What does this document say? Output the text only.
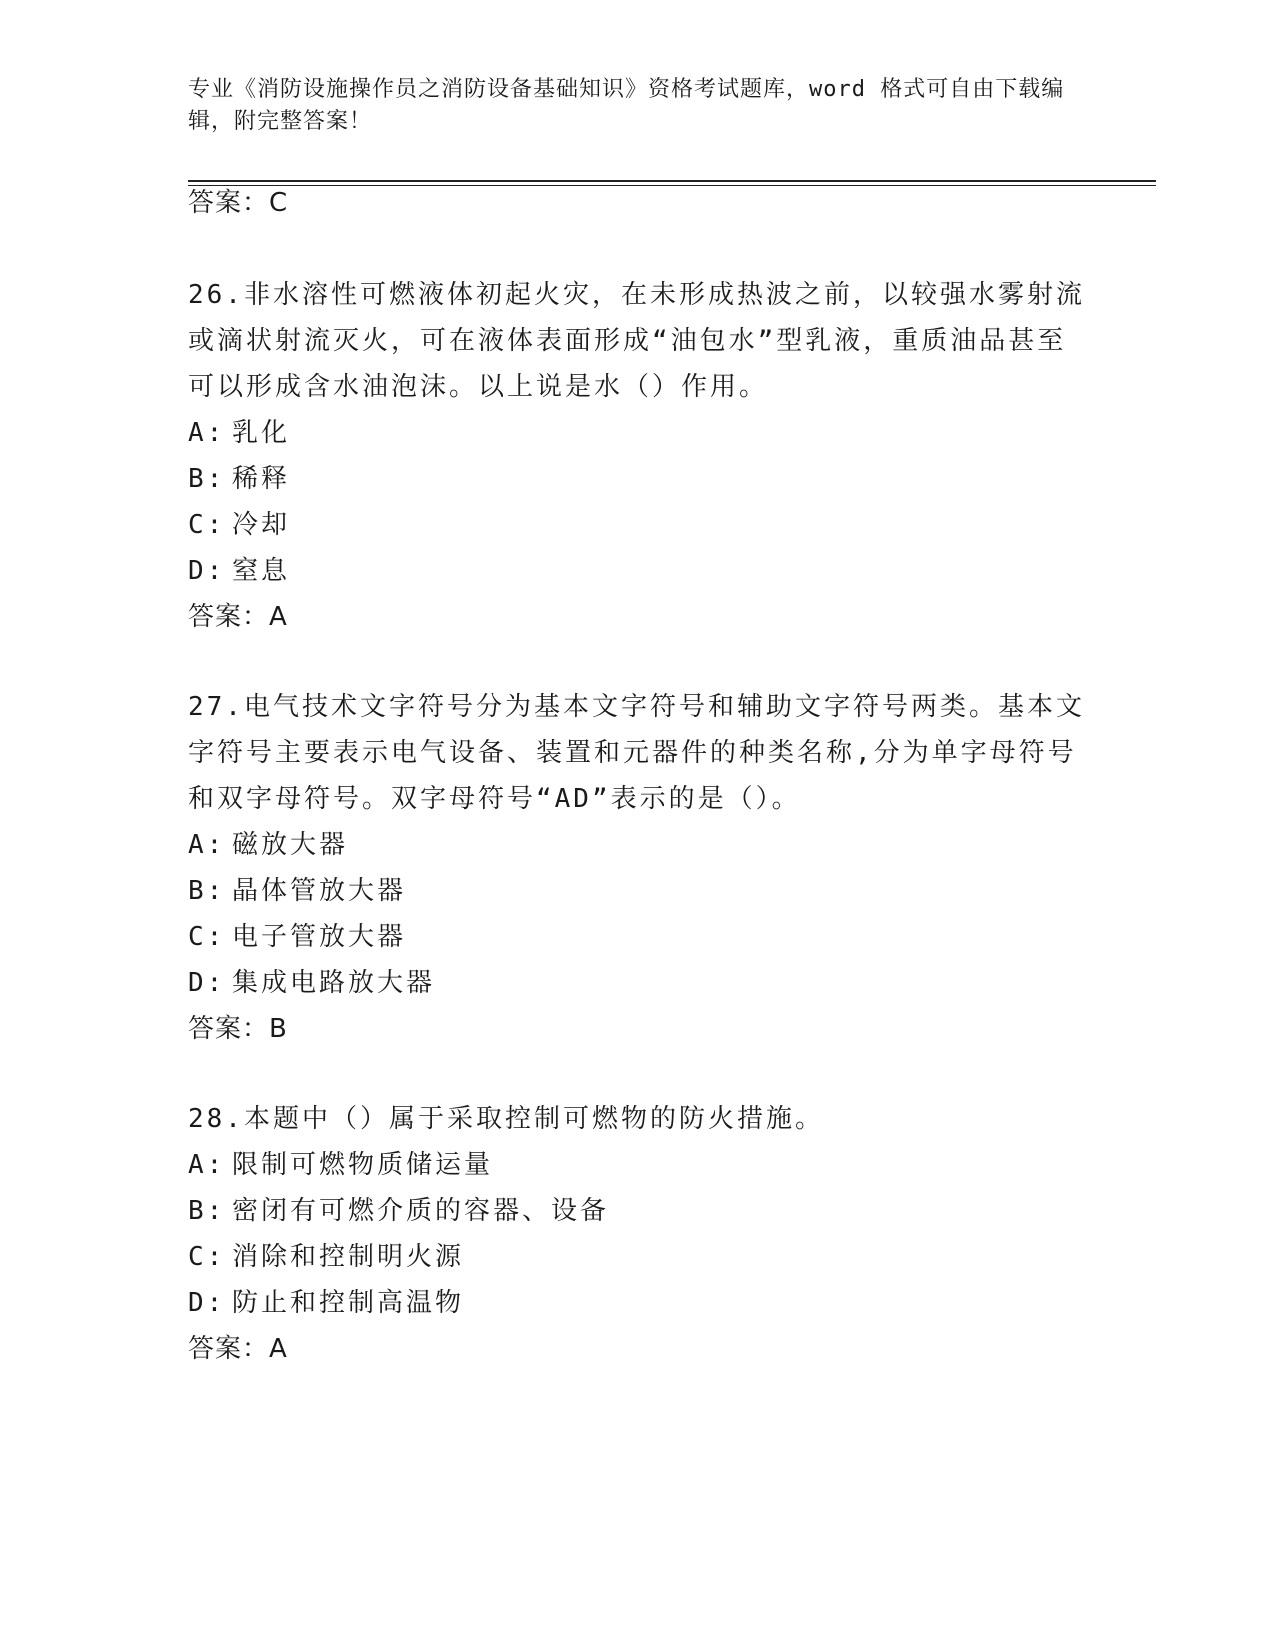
专业《消防设施操作员之消防设备基础知识》资格考试题库，word 格式可自由下载编辑，附完整答案！
答案：C
26.非水溶性可燃液体初起火灾，在未形成热波之前，以较强水雾射流或滴状射流灭火，可在液体表面形成“油包水”型乳液，重质油品甚至可以形成含水油泡沫。以上说是水（）作用。
A: 乳化
B: 稀释
C: 冷却
D: 窒息
答案：A
27.电气技术文字符号分为基本文字符号和辅助文字符号两类。基本文字符号主要表示电气设备、装置和元器件的种类名称,分为单字母符号和双字母符号。双字母符号“AD”表示的是（）。
A: 磁放大器
B: 晶体管放大器
C: 电子管放大器
D: 集成电路放大器
答案：B
28.本题中（）属于采取控制可燃物的防火措施。
A: 限制可燃物质储运量
B: 密闭有可燃介质的容器、设备
C: 消除和控制明火源
D: 防止和控制高温物
答案：A
